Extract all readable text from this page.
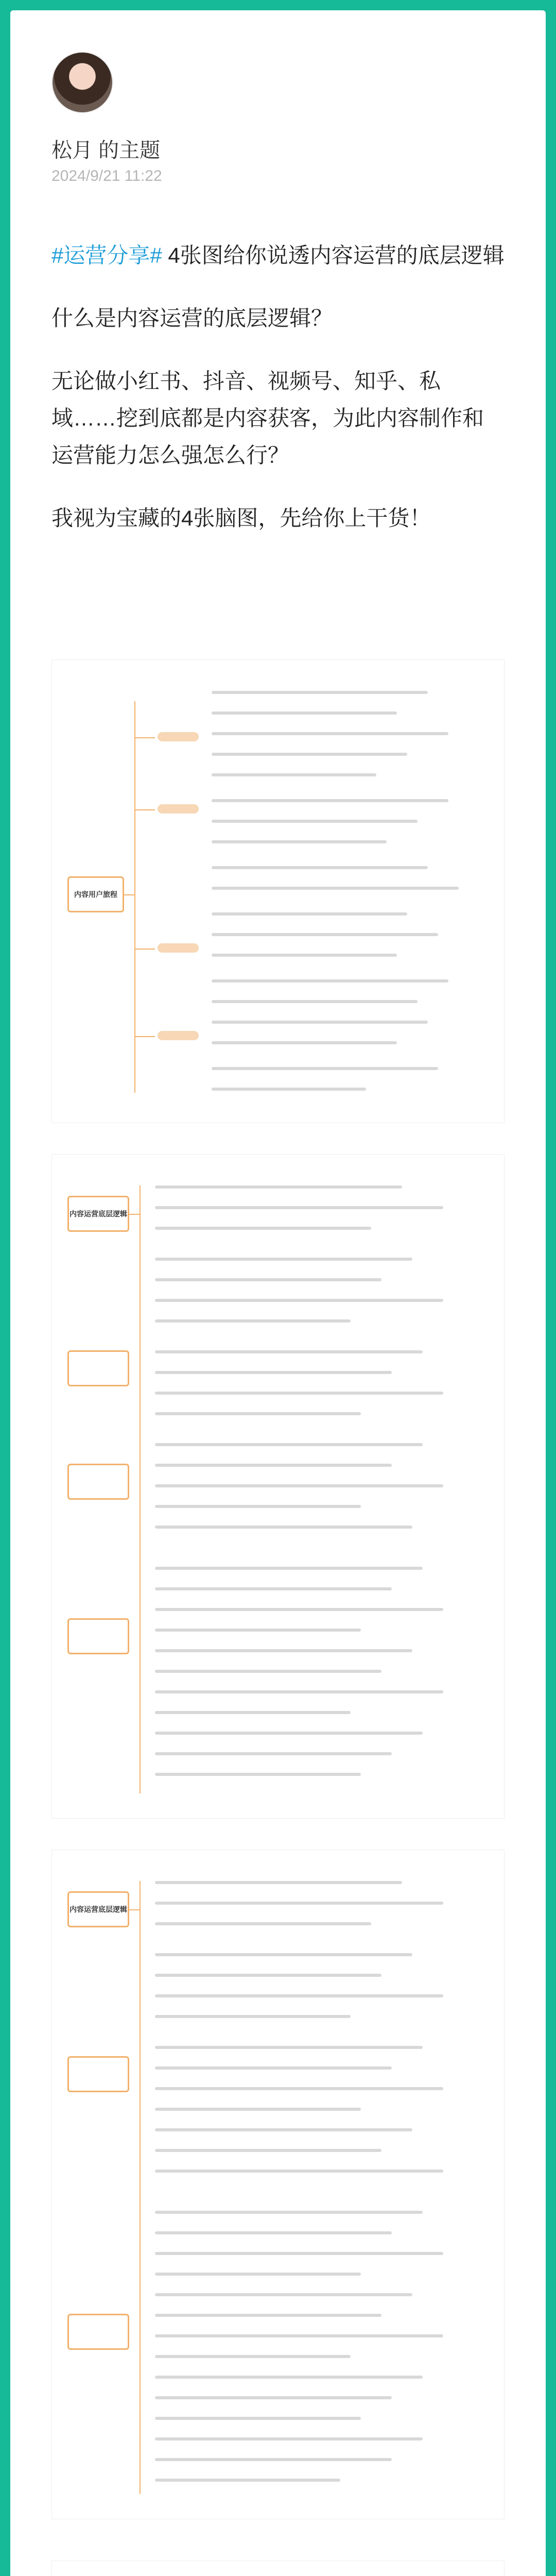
松月 的主题
2024/9/21 11:22

#运营分享# 4张图给你说透内容运营的底层逻辑

什么是内容运营的底层逻辑？

无论做小红书、抖音、视频号、知乎、私域……挖到底都是内容获客，为此内容制作和运营能力怎么强怎么行？

我视为宝藏的4张脑图，先给你上干货！

内容用户旅程
内容运营底层逻辑
内容运营底层逻辑
